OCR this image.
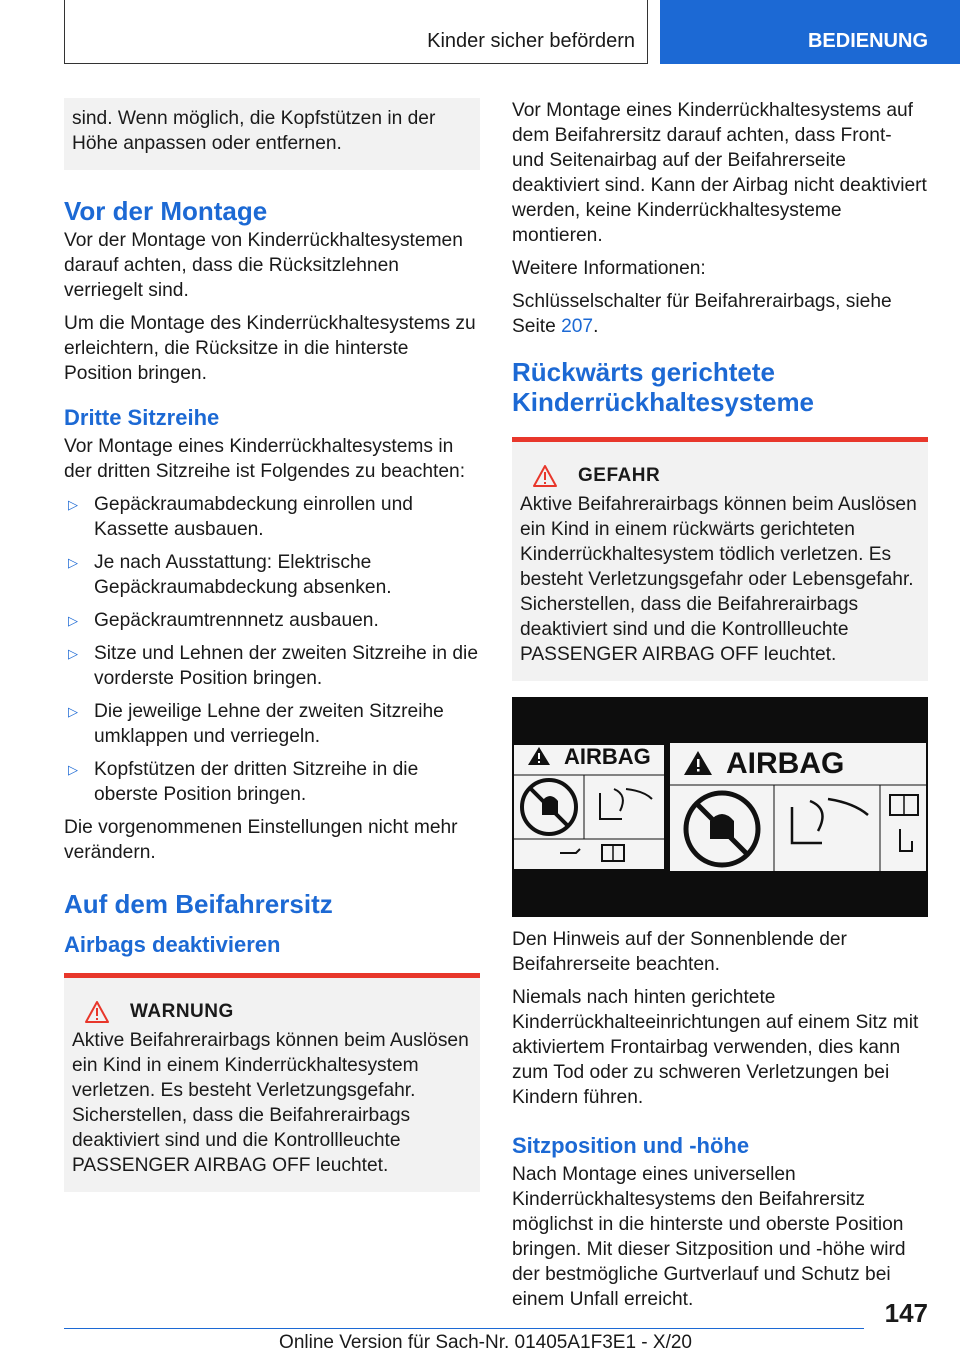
Kinder sicher befördern	BEDIENUNG

sind. Wenn möglich, die Kopfstützen in der Höhe anpassen oder entfernen.

Vor der Montage

Vor der Montage von Kinderrückhaltesystemen darauf achten, dass die Rücksitzlehnen verriegelt sind.

Um die Montage des Kinderrückhaltesystems zu erleichtern, die Rücksitze in die hinterste Position bringen.

Dritte Sitzreihe

Vor Montage eines Kinderrückhaltesystems in der dritten Sitzreihe ist Folgendes zu beachten:

▷ Gepäckraumabdeckung einrollen und Kassette ausbauen.
▷ Je nach Ausstattung: Elektrische Gepäckraumabdeckung absenken.
▷ Gepäckraumtrennnetz ausbauen.
▷ Sitze und Lehnen der zweiten Sitzreihe in die vorderste Position bringen.
▷ Die jeweilige Lehne der zweiten Sitzreihe umklappen und verriegeln.
▷ Kopfstützen der dritten Sitzreihe in die oberste Position bringen.

Die vorgenommenen Einstellungen nicht mehr verändern.

Auf dem Beifahrersitz
Airbags deaktivieren
WARNUNG

Aktive Beifahrerairbags können beim Auslösen ein Kind in einem Kinderrückhaltesystem verletzen. Es besteht Verletzungsgefahr. Sicherstellen, dass die Beifahrerairbags deaktiviert sind und die Kontrollleuchte PASSENGER AIRBAG OFF leuchtet.

Vor Montage eines Kinderrückhaltesystems auf dem Beifahrersitz darauf achten, dass Front- und Seitenairbag auf der Beifahrerseite deaktiviert sind. Kann der Airbag nicht deaktiviert werden, keine Kinderrückhaltesysteme montieren.

Weitere Informationen:

Schlüsselschalter für Beifahrerairbags, siehe Seite 207.

Rückwärts gerichtete Kinderrückhaltesysteme
GEFAHR

Aktive Beifahrerairbags können beim Auslösen ein Kind in einem rückwärts gerichteten Kinderrückhaltesystem tödlich verletzen. Es besteht Verletzungsgefahr oder Lebensgefahr. Sicherstellen, dass die Beifahrerairbags deaktiviert sind und die Kontrollleuchte PASSENGER AIRBAG OFF leuchtet.

AIRBAG	AIRBAG

Den Hinweis auf der Sonnenblende der Beifahrerseite beachten.

Niemals nach hinten gerichtete Kinderrückhalteeinrichtungen auf einem Sitz mit aktiviertem Frontairbag verwenden, dies kann zum Tod oder zu schweren Verletzungen bei Kindern führen.

Sitzposition und -höhe

Nach Montage eines universellen Kinderrückhaltesystems den Beifahrersitz möglichst in die hinterste und oberste Position bringen. Mit dieser Sitzposition und -höhe wird der bestmögliche Gurtverlauf und Schutz bei einem Unfall erreicht.	147
Online Version für Sach-Nr. 01405A1F3E1 - X/20
